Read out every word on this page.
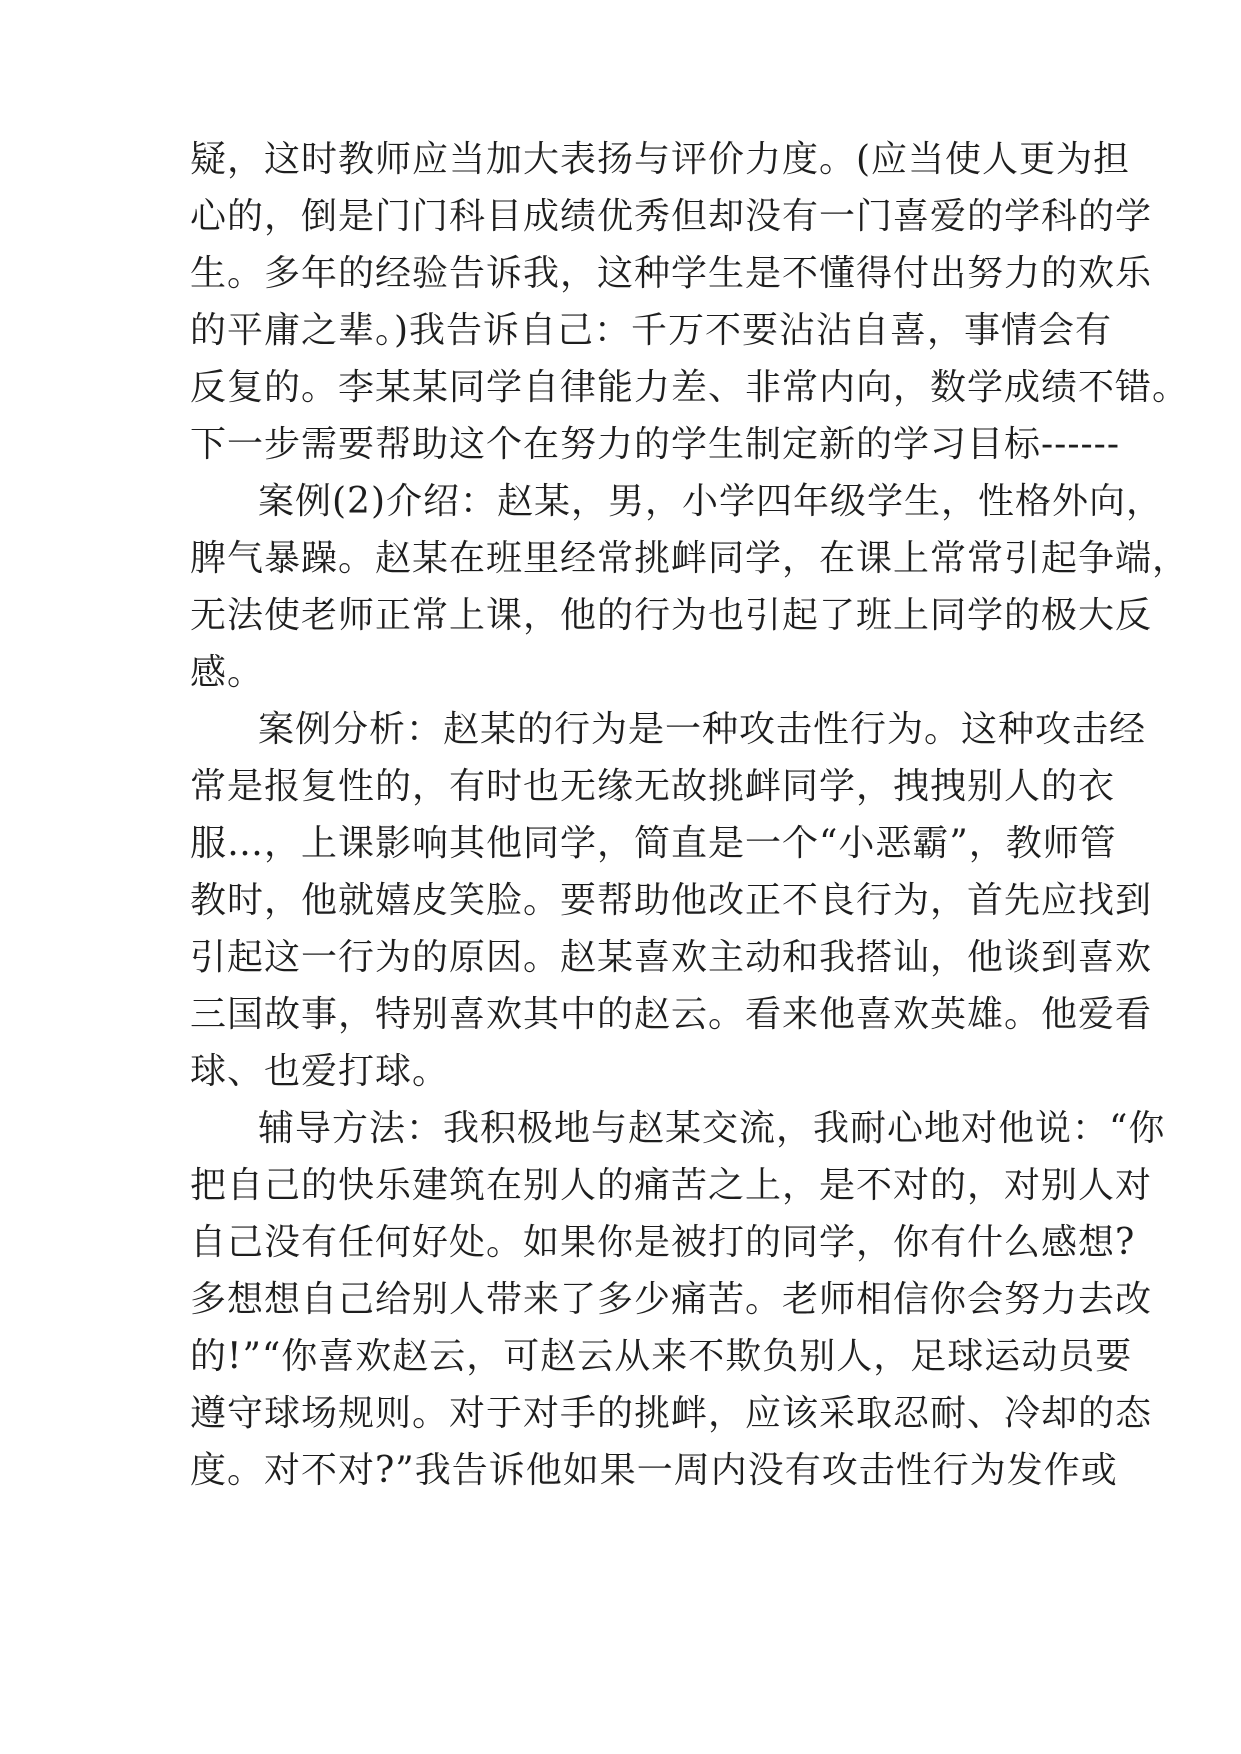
疑，这时教师应当加大表扬与评价力度。(应当使人更为担
心的，倒是门门科目成绩优秀但却没有一门喜爱的学科的学
生。多年的经验告诉我，这种学生是不懂得付出努力的欢乐
的平庸之辈。)我告诉自己：千万不要沾沾自喜，事情会有
反复的。李某某同学自律能力差、非常内向，数学成绩不错。
下一步需要帮助这个在努力的学生制定新的学习目标------
案例(2)介绍：赵某，男，小学四年级学生，性格外向，
脾气暴躁。赵某在班里经常挑衅同学，在课上常常引起争端，
无法使老师正常上课，他的行为也引起了班上同学的极大反
感。
案例分析：赵某的行为是一种攻击性行为。这种攻击经
常是报复性的，有时也无缘无故挑衅同学，拽拽别人的衣
服…，上课影响其他同学，简直是一个“小恶霸”，教师管
教时，他就嬉皮笑脸。要帮助他改正不良行为，首先应找到
引起这一行为的原因。赵某喜欢主动和我搭讪，他谈到喜欢
三国故事，特别喜欢其中的赵云。看来他喜欢英雄。他爱看
球、也爱打球。
辅导方法：我积极地与赵某交流，我耐心地对他说：“你
把自己的快乐建筑在别人的痛苦之上，是不对的，对别人对
自己没有任何好处。如果你是被打的同学，你有什么感想?
多想想自己给别人带来了多少痛苦。老师相信你会努力去改
的!”“你喜欢赵云，可赵云从来不欺负别人，足球运动员要
遵守球场规则。对于对手的挑衅，应该采取忍耐、冷却的态
度。对不对?”我告诉他如果一周内没有攻击性行为发作或
